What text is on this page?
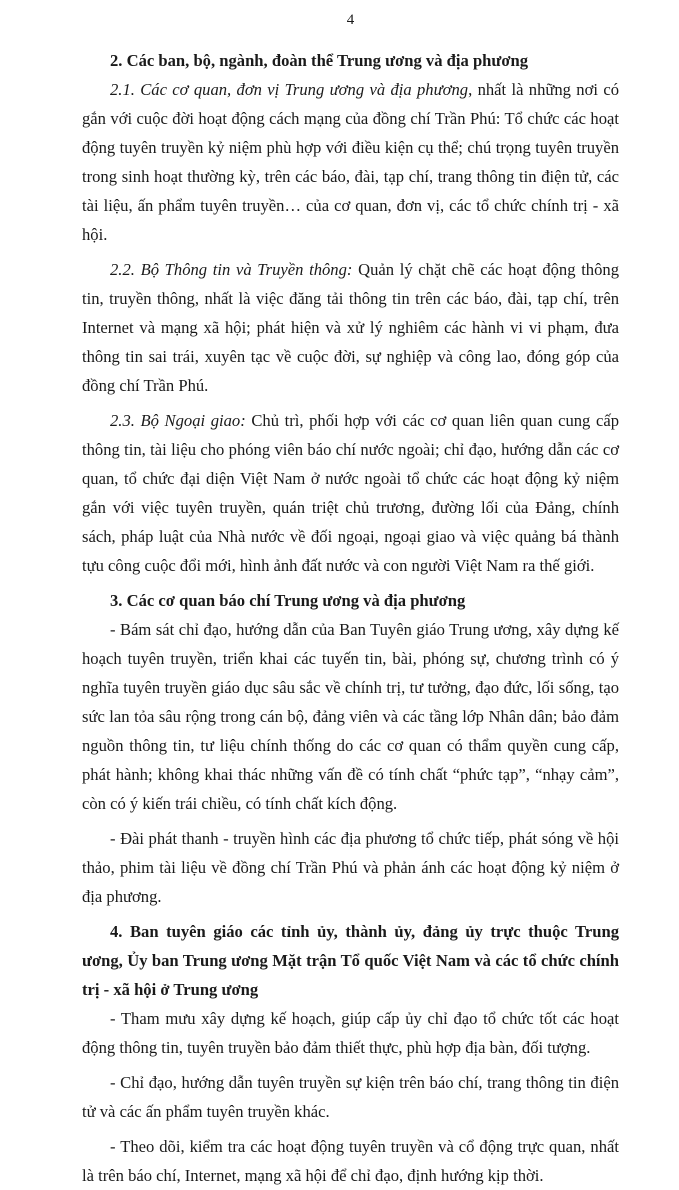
4

2. Các ban, bộ, ngành, đoàn thể Trung ương và địa phương

2.1. Các cơ quan, đơn vị Trung ương và địa phương, nhất là những nơi có gắn với cuộc đời hoạt động cách mạng của đồng chí Trần Phú: Tổ chức các hoạt động tuyên truyền kỷ niệm phù hợp với điều kiện cụ thể; chú trọng tuyên truyền trong sinh hoạt thường kỳ, trên các báo, đài, tạp chí, trang thông tin điện tử, các tài liệu, ấn phẩm tuyên truyền… của cơ quan, đơn vị, các tổ chức chính trị - xã hội.

2.2. Bộ Thông tin và Truyền thông: Quản lý chặt chẽ các hoạt động thông tin, truyền thông, nhất là việc đăng tải thông tin trên các báo, đài, tạp chí, trên Internet và mạng xã hội; phát hiện và xử lý nghiêm các hành vi vi phạm, đưa thông tin sai trái, xuyên tạc về cuộc đời, sự nghiệp và công lao, đóng góp của đồng chí Trần Phú.

2.3. Bộ Ngoại giao: Chủ trì, phối hợp với các cơ quan liên quan cung cấp thông tin, tài liệu cho phóng viên báo chí nước ngoài; chỉ đạo, hướng dẫn các cơ quan, tổ chức đại diện Việt Nam ở nước ngoài tổ chức các hoạt động kỷ niệm gắn với việc tuyên truyền, quán triệt chủ trương, đường lối của Đảng, chính sách, pháp luật của Nhà nước về đối ngoại, ngoại giao và việc quảng bá thành tựu công cuộc đổi mới, hình ảnh đất nước và con người Việt Nam ra thế giới.

3. Các cơ quan báo chí Trung ương và địa phương

- Bám sát chỉ đạo, hướng dẫn của Ban Tuyên giáo Trung ương, xây dựng kế hoạch tuyên truyền, triển khai các tuyến tin, bài, phóng sự, chương trình có ý nghĩa tuyên truyền giáo dục sâu sắc về chính trị, tư tưởng, đạo đức, lối sống, tạo sức lan tỏa sâu rộng trong cán bộ, đảng viên và các tầng lớp Nhân dân; bảo đảm nguồn thông tin, tư liệu chính thống do các cơ quan có thẩm quyền cung cấp, phát hành; không khai thác những vấn đề có tính chất “phức tạp”, “nhạy cảm”, còn có ý kiến trái chiều, có tính chất kích động.

- Đài phát thanh - truyền hình các địa phương tổ chức tiếp, phát sóng về hội thảo, phim tài liệu về đồng chí Trần Phú và phản ánh các hoạt động kỷ niệm ở địa phương.

4. Ban tuyên giáo các tỉnh ủy, thành ủy, đảng ủy trực thuộc Trung ương, Ủy ban Trung ương Mặt trận Tổ quốc Việt Nam và các tổ chức chính trị - xã hội ở Trung ương

- Tham mưu xây dựng kế hoạch, giúp cấp ủy chỉ đạo tổ chức tốt các hoạt động thông tin, tuyên truyền bảo đảm thiết thực, phù hợp địa bàn, đối tượng.

- Chỉ đạo, hướng dẫn tuyên truyền sự kiện trên báo chí, trang thông tin điện tử và các ấn phẩm tuyên truyền khác.

- Theo dõi, kiểm tra các hoạt động tuyên truyền và cổ động trực quan, nhất là trên báo chí, Internet, mạng xã hội để chỉ đạo, định hướng kịp thời.
